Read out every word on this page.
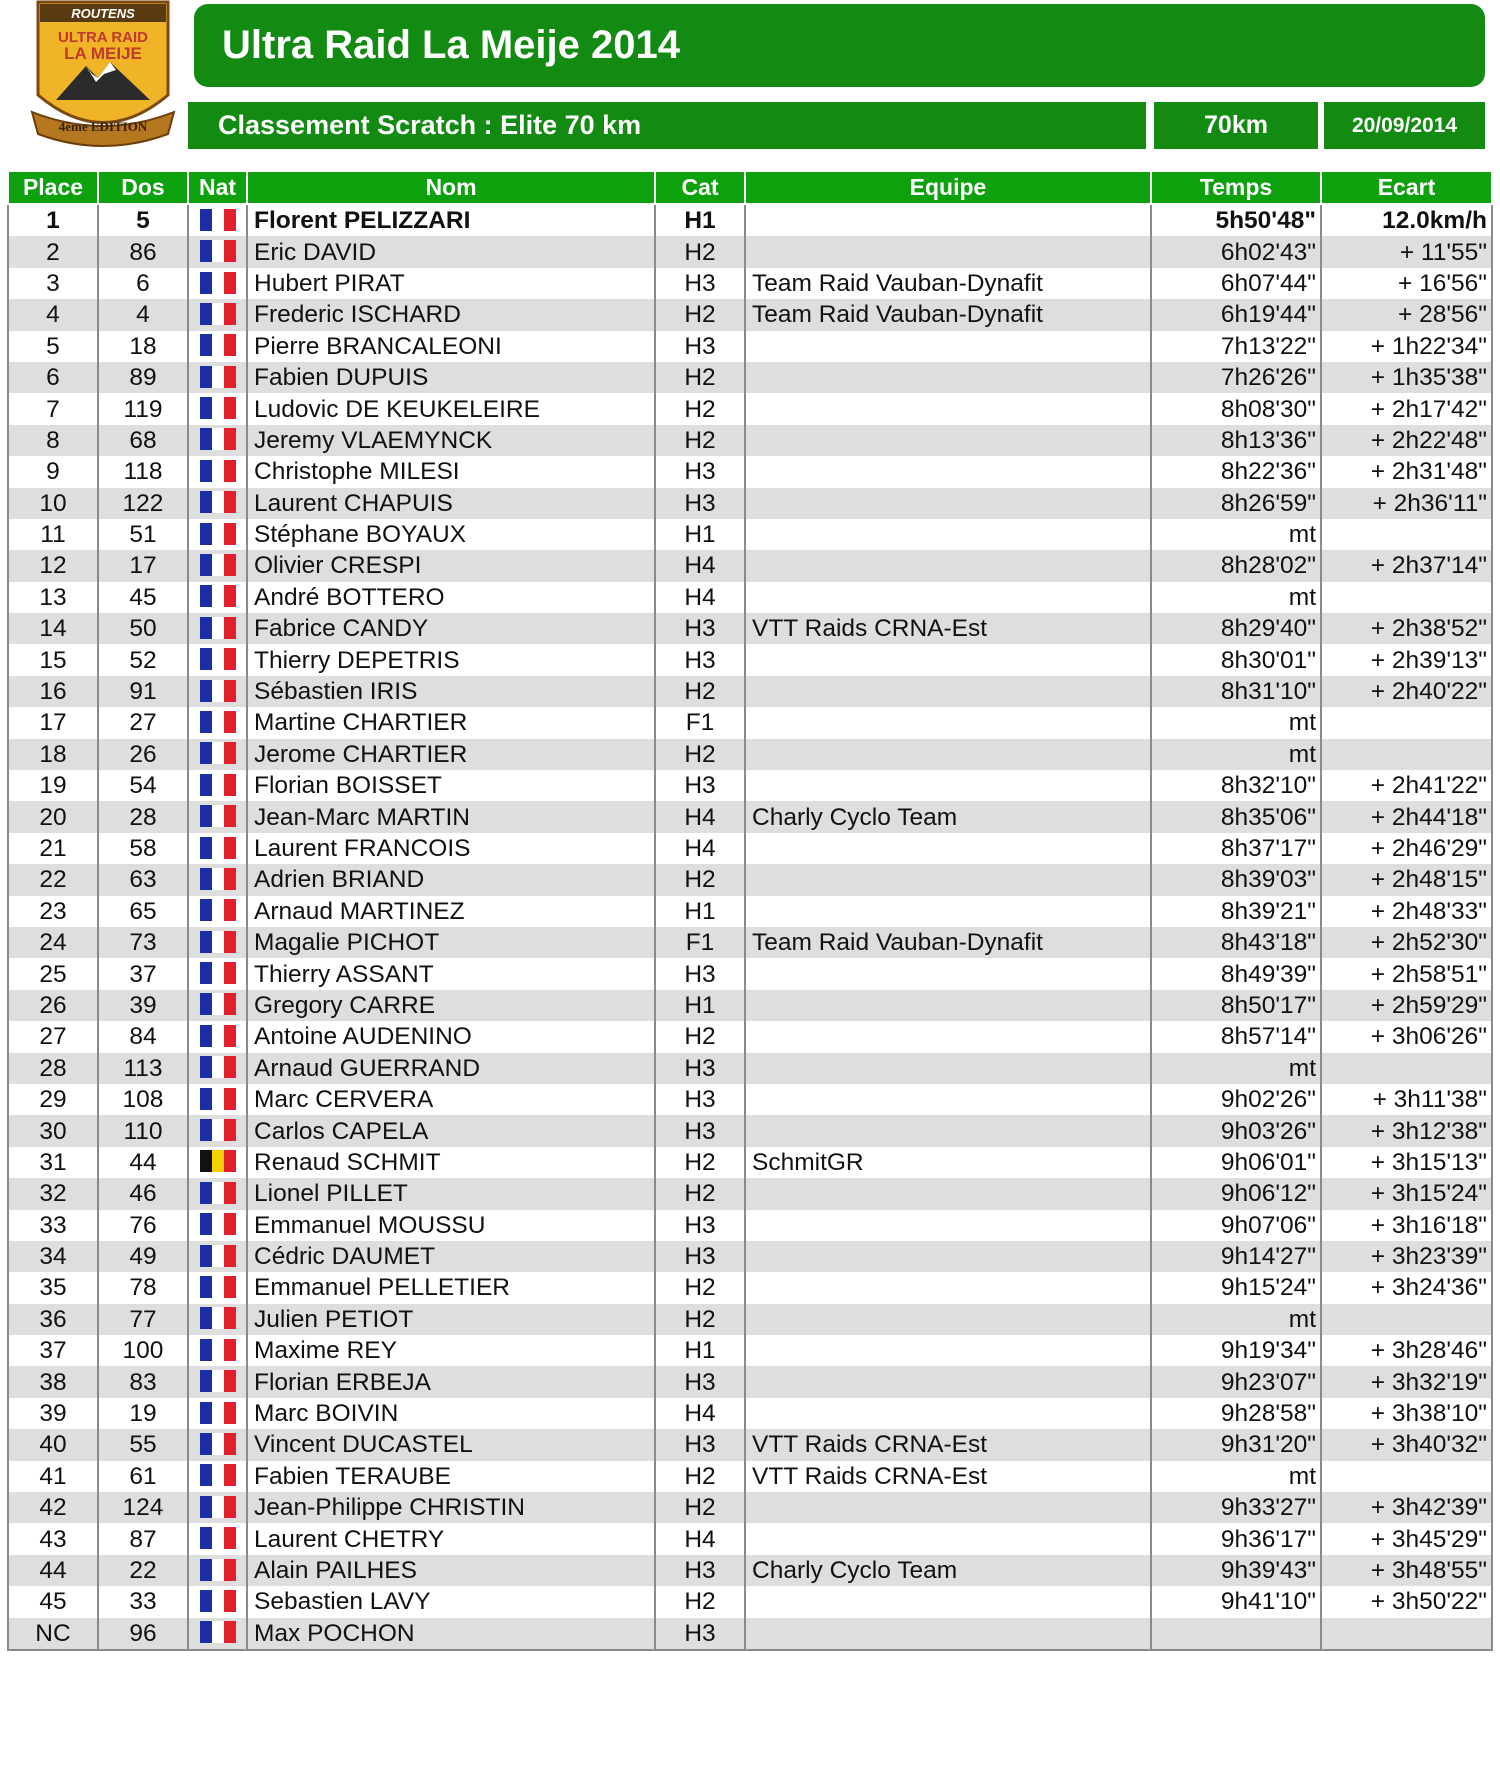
ROUTENS
ULTRA RAID
LA MEIJE
4ème EDITION
Ultra Raid La Meije 2014
Classement Scratch : Elite 70 km	70km	20/09/2014
Place	Dos	Nat	Nom	Cat	Equipe	Temps	Ecart
1	5		Florent PELIZZARI	H1		5h50'48"	12.0km/h
2	86		Eric DAVID	H2		6h02'43"	+ 11'55"
3	6		Hubert PIRAT	H3	Team Raid Vauban-Dynafit	6h07'44"	+ 16'56"
4	4		Frederic ISCHARD	H2	Team Raid Vauban-Dynafit	6h19'44"	+ 28'56"
5	18		Pierre BRANCALEONI	H3		7h13'22"	+ 1h22'34"
6	89		Fabien DUPUIS	H2		7h26'26"	+ 1h35'38"
7	119		Ludovic DE KEUKELEIRE	H2		8h08'30"	+ 2h17'42"
8	68		Jeremy VLAEMYNCK	H2		8h13'36"	+ 2h22'48"
9	118		Christophe MILESI	H3		8h22'36"	+ 2h31'48"
10	122		Laurent CHAPUIS	H3		8h26'59"	+ 2h36'11"
11	51		Stéphane BOYAUX	H1		mt	
12	17		Olivier CRESPI	H4		8h28'02"	+ 2h37'14"
13	45		André BOTTERO	H4		mt	
14	50		Fabrice CANDY	H3	VTT Raids CRNA-Est	8h29'40"	+ 2h38'52"
15	52		Thierry DEPETRIS	H3		8h30'01"	+ 2h39'13"
16	91		Sébastien IRIS	H2		8h31'10"	+ 2h40'22"
17	27		Martine CHARTIER	F1		mt	
18	26		Jerome CHARTIER	H2		mt	
19	54		Florian BOISSET	H3		8h32'10"	+ 2h41'22"
20	28		Jean-Marc MARTIN	H4	Charly Cyclo Team	8h35'06"	+ 2h44'18"
21	58		Laurent FRANCOIS	H4		8h37'17"	+ 2h46'29"
22	63		Adrien BRIAND	H2		8h39'03"	+ 2h48'15"
23	65		Arnaud MARTINEZ	H1		8h39'21"	+ 2h48'33"
24	73		Magalie PICHOT	F1	Team Raid Vauban-Dynafit	8h43'18"	+ 2h52'30"
25	37		Thierry ASSANT	H3		8h49'39"	+ 2h58'51"
26	39		Gregory CARRE	H1		8h50'17"	+ 2h59'29"
27	84		Antoine AUDENINO	H2		8h57'14"	+ 3h06'26"
28	113		Arnaud GUERRAND	H3		mt	
29	108		Marc CERVERA	H3		9h02'26"	+ 3h11'38"
30	110		Carlos CAPELA	H3		9h03'26"	+ 3h12'38"
31	44		Renaud SCHMIT	H2	SchmitGR	9h06'01"	+ 3h15'13"
32	46		Lionel PILLET	H2		9h06'12"	+ 3h15'24"
33	76		Emmanuel MOUSSU	H3		9h07'06"	+ 3h16'18"
34	49		Cédric DAUMET	H3		9h14'27"	+ 3h23'39"
35	78		Emmanuel PELLETIER	H2		9h15'24"	+ 3h24'36"
36	77		Julien PETIOT	H2		mt	
37	100		Maxime REY	H1		9h19'34"	+ 3h28'46"
38	83		Florian ERBEJA	H3		9h23'07"	+ 3h32'19"
39	19		Marc BOIVIN	H4		9h28'58"	+ 3h38'10"
40	55		Vincent DUCASTEL	H3	VTT Raids CRNA-Est	9h31'20"	+ 3h40'32"
41	61		Fabien TERAUBE	H2	VTT Raids CRNA-Est	mt	
42	124		Jean-Philippe CHRISTIN	H2		9h33'27"	+ 3h42'39"
43	87		Laurent CHETRY	H4		9h36'17"	+ 3h45'29"
44	22		Alain PAILHES	H3	Charly Cyclo Team	9h39'43"	+ 3h48'55"
45	33		Sebastien LAVY	H2		9h41'10"	+ 3h50'22"
NC	96		Max POCHON	H3			
